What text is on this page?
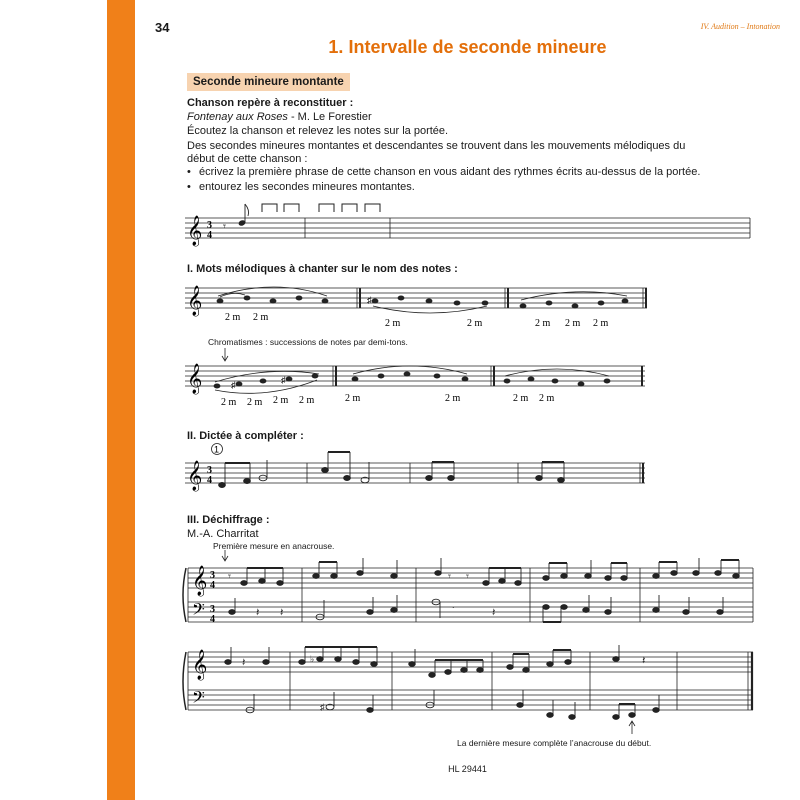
34	IV. Audition – Intonation
1. Intervalle de seconde mineure
Seconde mineure montante
Chanson repère à reconstituer :
Fontenay aux Roses - M. Le Forestier
Écoutez la chanson et relevez les notes sur la portée.
Des secondes mineures montantes et descendantes se trouvent dans les mouvements mélodiques du
début de cette chanson :
• écrivez la première phrase de cette chanson en vous aidant des rythmes écrits au-dessus de la portée.
• entourez les secondes mineures montantes.
𝄞 3
4
𝄾
I. Mots mélodiques à chanter sur le nom des notes :
𝄞	♯
2 m 2 m
2 m	2 m	2 m 2 m 2 m
Chromatismes : successions de notes par demi-tons.
𝄞	♯	♯
2 m 2 m 2 m 2 m	2 m	2 m	2 m 2 m
II. Dictée à compléter :
1
𝄞 3
4
III. Déchiffrage :
M.-A. Charritat
Première mesure en anacrouse.
𝄞
𝄢
3
4
3
4
𝄾	𝄾 𝄾
𝄽 𝄽
.
𝄽
𝄞
𝄢
𝄽	♭	𝄽
♯
La dernière mesure complète l’anacrouse du début.
HL 29441
